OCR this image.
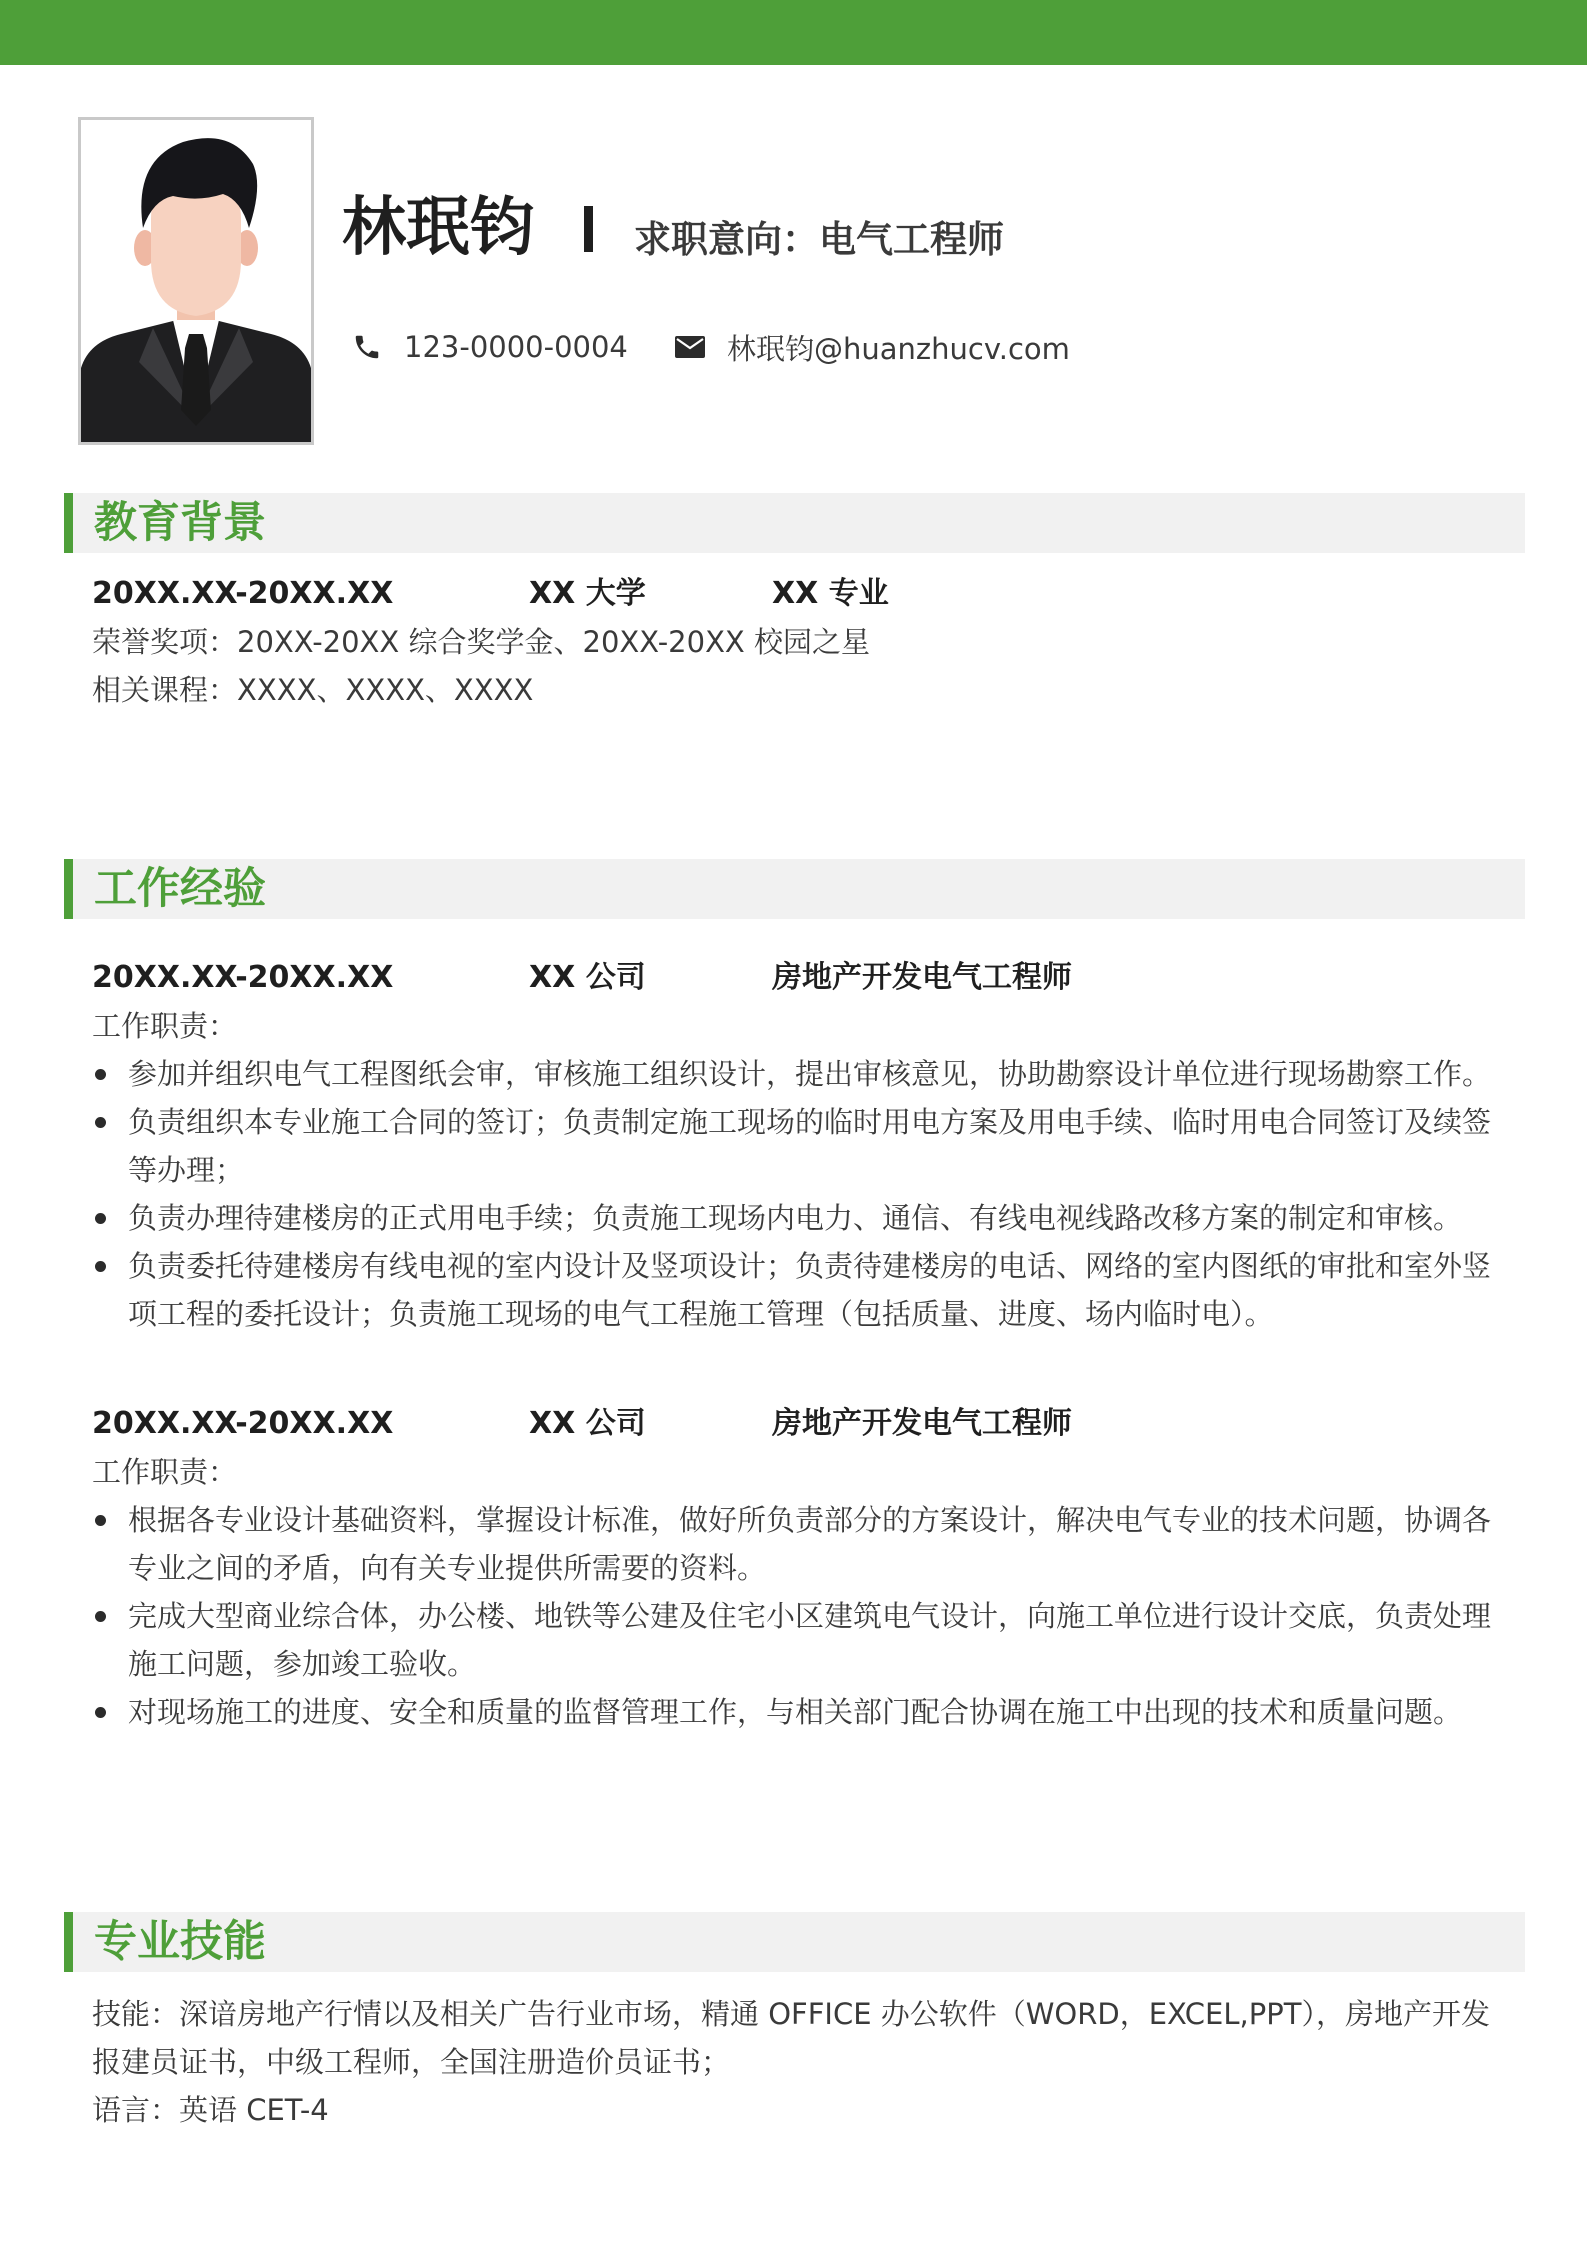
林珉钧	求职意向：电气工程师
123-0000-0004	林珉钧@huanzhucv.com
教育背景
20XX.XX-20XX.XX	XX 大学	XX 专业
荣誉奖项：20XX-20XX 综合奖学金、20XX-20XX 校园之星
相关课程：XXXX、XXXX、XXXX
工作经验
20XX.XX-20XX.XX	XX 公司	房地产开发电气工程师
工作职责：
参加并组织电气工程图纸会审，审核施工组织设计，提出审核意见，协助勘察设计单位进行现场勘察工作。
负责组织本专业施工合同的签订；负责制定施工现场的临时用电方案及用电手续、临时用电合同签订及续签等办理；
负责办理待建楼房的正式用电手续；负责施工现场内电力、通信、有线电视线路改移方案的制定和审核。
负责委托待建楼房有线电视的室内设计及竖项设计；负责待建楼房的电话、网络的室内图纸的审批和室外竖项工程的委托设计；负责施工现场的电气工程施工管理（包括质量、进度、场内临时电）。
20XX.XX-20XX.XX	XX 公司	房地产开发电气工程师
工作职责：
根据各专业设计基础资料，掌握设计标准，做好所负责部分的方案设计，解决电气专业的技术问题，协调各专业之间的矛盾，向有关专业提供所需要的资料。
完成大型商业综合体，办公楼、地铁等公建及住宅小区建筑电气设计，向施工单位进行设计交底，负责处理施工问题，参加竣工验收。
对现场施工的进度、安全和质量的监督管理工作，与相关部门配合协调在施工中出现的技术和质量问题。
专业技能
技能：深谙房地产行情以及相关广告行业市场，精通 OFFICE 办公软件（WORD，EXCEL,PPT），房地产开发报建员证书，中级工程师，全国注册造价员证书；
语言：英语 CET-4
